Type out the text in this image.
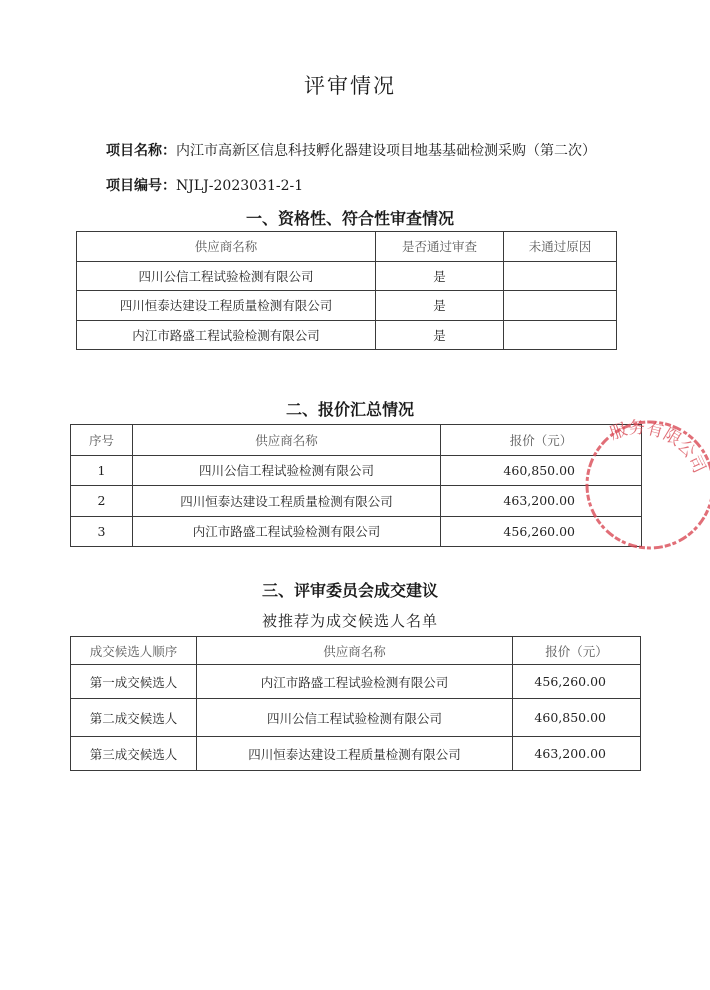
评审情况
项目名称：内江市高新区信息科技孵化器建设项目地基基础检测采购（第二次）
项目编号：NJLJ-2023031-2-1
一、资格性、符合性审查情况
供应商名称	是否通过审查	未通过原因
四川公信工程试验检测有限公司	是	
四川恒泰达建设工程质量检测有限公司	是	
内江市路盛工程试验检测有限公司	是	
二、报价汇总情况
序号	供应商名称	报价（元）
1	四川公信工程试验检测有限公司	460,850.00
2	四川恒泰达建设工程质量检测有限公司	463,200.00
3	内江市路盛工程试验检测有限公司	456,260.00
三、评审委员会成交建议
被推荐为成交候选人名单
成交候选人顺序	供应商名称	报价（元）
第一成交候选人	内江市路盛工程试验检测有限公司	456,260.00
第二成交候选人	四川公信工程试验检测有限公司	460,850.00
第三成交候选人	四川恒泰达建设工程质量检测有限公司	463,200.00
服务有限公司
